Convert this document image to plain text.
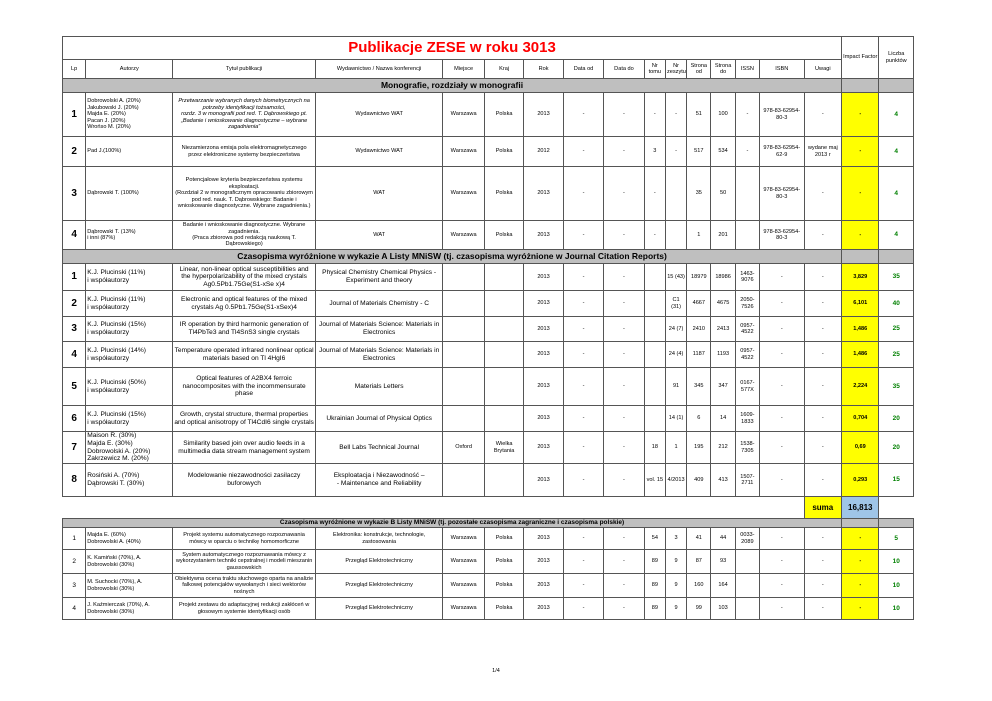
Publikacje ZESE w roku 3013																Impact Factor	Liczba punktów
Lp	Autorzy	Tytuł publikacji	Wydawnictwo / Nazwa konferencji	Miejsce	Kraj	Rok	Data od	Data do	Nr tomu	Nr zeszytu	Strona od	Strona do	ISSN	ISBN	Uwagi		
Monografie, rozdziały w monografii																	
1	Dobrowolski A. (20%)
Jakubowski J. (20%)
Majda E. (20%)
Pacan J. (20%)
Wrońso M. (20%)	Przetwarzanie wybranych danych biometrycznych na potrzeby identyfikacji tożsamości,
rozdz. 3 w monografii pod red. T. Dąbrowskiego pt. „Badanie i wnioskowanie diagnostyczne – wybrane zagadnienia”	Wydawnictwo WAT	Warszawa	Polska	2013	-	-	-	-	51	100	-	978-83-62954-80-3	-	-	4
2	Pad J.(100%)	Niezamierzona emisja pola elektromagnetycznego przez elektroniczne systemy bezpieczeństwa	Wydawnictwo WAT	Warszawa	Polska	2012	-	-	3	-	517	534	-	978-83-62954-62-9	wydane maj 2013 r	-	4
3	Dąbrowski T. (100%)	Potencjałowe kryteria bezpieczeństwa systemu eksploatacji.
(Rozdział 2 w monograficznym opracowaniu zbiorowym pod red. nauk. T. Dąbrowskiego: Badanie i wnioskowanie diagnostyczne. Wybrane zagadnienia.)	WAT	Warszawa	Polska	2013	-	-	-		35	50		978-83-62954-80-3	-	-	4
4	Dąbrowski T. (13%)
i inni (87%)	Badanie i wnioskowanie diagnostyczne. Wybrane zagadnienia.
(Praca zbiorowa pod redakcją naukową T. Dąbrowskiego)	WAT	Warszawa	Polska	2013	-	-	-		1	201		978-83-62954-80-3	-	-	4
Czasopisma wyróżnione w wykazie A Listy MNiSW (tj. czasopisma wyróżnione w Journal Citation Reports)																	
1	K.J. Plucinski (11%)
i współautorzy	Linear, non-linear optical susceptibilities and the hyperpolarizability of the mixed crystals Ag0.5Pb1.75Ge(S1-xSe x)4	Physical Chemistry Chemical Physics - Experiment and theory			2013	-	-		15 (43)	18979	18986	1463-9076	-	-	3,829	35
2	K.J. Plucinski (11%)
i współautorzy	Electronic and optical features of the mixed crystals Ag 0.5Pb1.75Ge(S1-xSex)4	Journal of Materials Chemistry - C			2013	-	-		C1 (31)	4667	4675	2050-7526	-	-	6,101	40
3	K.J. Plucinski (15%)
i współautorzy	IR operation by third harmonic generation of Tl4PbTe3 and Tl4SnS3 single crystals	Journal of Materials Science: Materials in Electronics			2013	-	-		24 (7)	2410	2413	0957-4522	-	-	1,486	25
4	K.J. Plucinski (14%)
i współautorzy	Temperature operated infrared nonlinear optical materials based on Tl 4HgI6	Journal of Materials Science: Materials in Electronics			2013	-	-		24 (4)	1187	1193	0957-4522	-	-	1,486	25
5	K.J. Plucinski (50%)
i współautorzy	Optical features of A2BX4 ferroic nanocomposites with the incommensurate phase	Materials Letters			2013	-	-		91	345	347	0167-577X	-	-	2,224	35
6	K.J. Plucinski (15%)
i współautorzy	Growth, crystal structure, thermal properties and optical anisotropy of Tl4CdI6 single crystals	Ukrainian Journal of Physical Optics			2013	-	-		14 (1)	6	14	1609-1833	-	-	0,704	20
7	Maison R. (30%)
Majda E. (30%)
Dobrowolski A. (20%)
Zakrzewicz M. (20%)	Similarity based join over audio feeds in a multimedia data stream management system	Bell Labs Technical Journal	Oxford	Wielka Brytania	2013	-	-	18	1	195	212	1538-7305	-	-	0,69	20
8	Rosiński A. (70%)
Dąbrowski T. (30%)	Modelowanie niezawodności zasilaczy buforowych	Eksploatacja i Niezawodność –
- Maintenance and Reliability			2013	-	-	vol. 15	4/2013	409	413	1507-2711	-	-	0,293	15
															suma	16,813	
Czasopisma wyróżnione w wykazie B Listy MNiSW (tj. pozostałe czasopisma zagraniczne i czasopisma polskie)																	
1	Majda E. (60%)
Dobrowolski A. (40%)	Projekt systemu automatycznego rozpoznawania mówcy w oparciu o technikę homomorficzne	Elektronika: konstrukcje, technologie, zastosowania	Warszawa	Polska	2013	-	-	54	3	41	44	0033-2089	-	-	-	5
2	K. Kamiński (70%), A. Dobrowolski (30%)	System automatycznego rozpoznawania mówcy z wykorzystaniem techniki cepstralnej i modeli mieszanin gaussowskich	Przegląd Elektrotechniczny	Warszawa	Polska	2013	-	-	89	9	87	93		-	-	-	10
3	M. Suchocki (70%), A. Dobrowolski (30%)	Obiektywna ocena traktu słuchowego oparta na analizie falkowej potencjałów wywołanych i sieci wektorów nośnych	Przegląd Elektrotechniczny	Warszawa	Polska	2013	-	-	89	9	160	164		-	-	-	10
4	J. Kaźmierczak (70%), A. Dobrowolski (30%)	Projekt zestawu do adaptacyjnej redukcji zakłóceń w głosowym systemie identyfikacji osób	Przegląd Elektrotechniczny	Warszawa	Polska	2013	-	-	89	9	99	103		-	-	-	10
1/4
